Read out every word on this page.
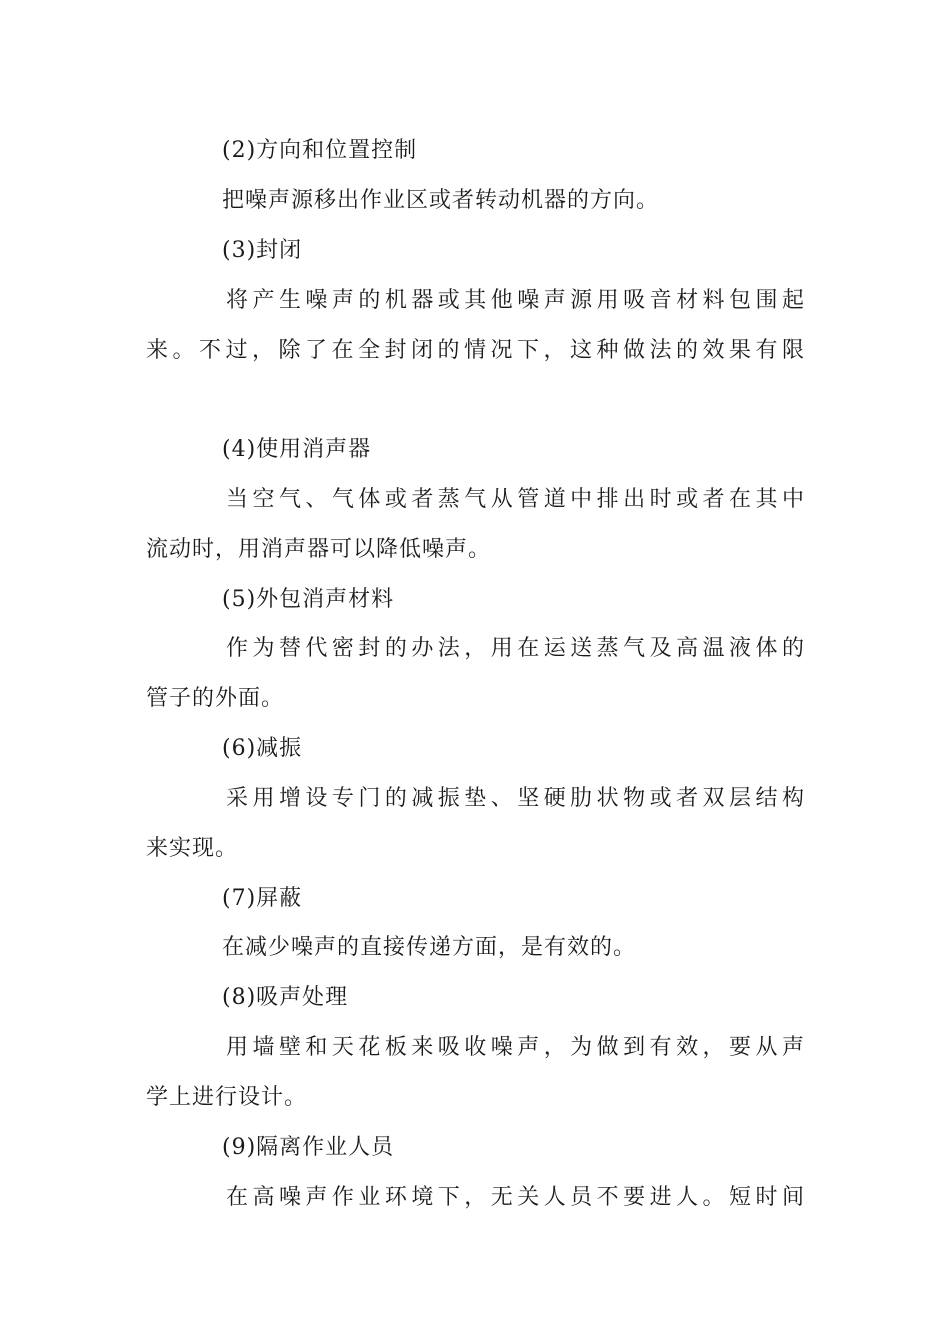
(2)方向和位置控制
把噪声源移出作业区或者转动机器的方向。
(3)封闭
将产生噪声的机器或其他噪声源用吸音材料包围起
来。不过，除了在全封闭的情况下，这种做法的效果有限
(4)使用消声器
当空气、气体或者蒸气从管道中排出时或者在其中
流动时，用消声器可以降低噪声。
(5)外包消声材料
作为替代密封的办法，用在运送蒸气及高温液体的
管子的外面。
(6)减振
采用增设专门的减振垫、坚硬肋状物或者双层结构
来实现。
(7)屏蔽
在减少噪声的直接传递方面，是有效的。
(8)吸声处理
用墙壁和天花板来吸收噪声，为做到有效，要从声
学上进行设计。
(9)隔离作业人员
在高噪声作业环境下，无关人员不要进人。短时间
